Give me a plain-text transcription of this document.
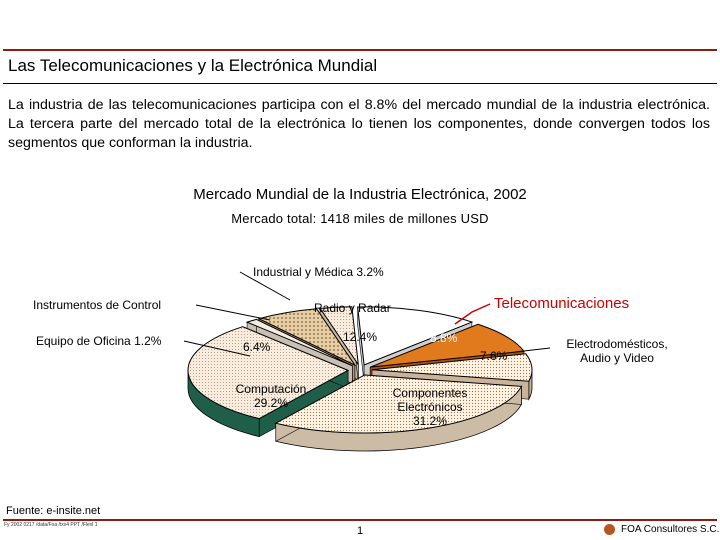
Las Telecomunicaciones y la Electrónica Mundial
La industria de las telecomunicaciones participa con el 8.8% del mercado mundial de la industria electrónica. La tercera parte del mercado total de la electrónica lo tienen los componentes, donde convergen todos los segmentos que conforman la industria.
Mercado Mundial de la Industria Electrónica, 2002
Mercado total: 1418 miles de millones USD
Industrial y Médica 3.2%
Instrumentos de Control	Radio y Radar	Telecomunicaciones
Equipo de Oficina 1.2%	6.4%
12.4%	8.8%
7.6%
Electrodomésticos,
Audio y Video
Computación
29.2%
Componentes
Electrónicos
31.2%
Fuente: e-insite.net
Fy 2002 0217 /data/Foa /txx4 PPT /Flexl 1	1	FOA Consultores S.C.
